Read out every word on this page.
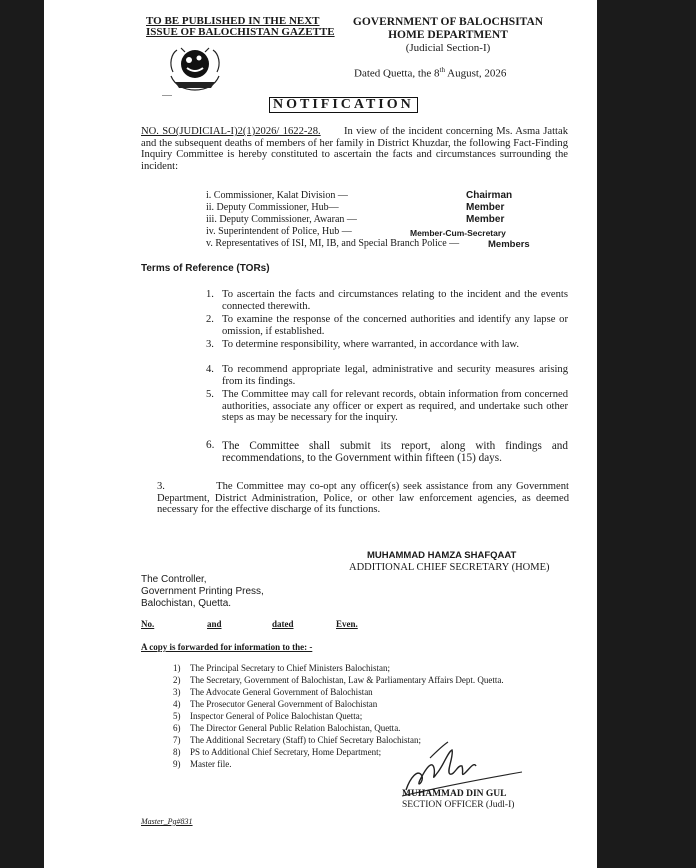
TO BE PUBLISHED IN THE NEXT
ISSUE OF BALOCHISTAN GAZETTE
GOVERNMENT OF BALOCHSITAN
HOME DEPARTMENT
(Judicial Section-I)
Dated Quetta, the 8th August, 2026
NOTIFICATION
NO. SO(JUDICIAL-I)2(1)2026/ 1622-28. In view of the incident concerning Ms. Asma Jattak and the subsequent deaths of members of her family in District Khuzdar, the following Fact-Finding Inquiry Committee is hereby constituted to ascertain the facts and circumstances surrounding the incident:
i. Commissioner, Kalat Division —	Chairman
ii. Deputy Commissioner, Hub—	Member
iii. Deputy Commissioner, Awaran —	Member
iv. Superintendent of Police, Hub —	Member-Cum-Secretary
v. Representatives of ISI, MI, IB, and Special Branch Police —	Members
Terms of Reference (TORs)
1. To ascertain the facts and circumstances relating to the incident and the events connected therewith.
2. To examine the response of the concerned authorities and identify any lapse or omission, if established.
3. To determine responsibility, where warranted, in accordance with law.
4. To recommend appropriate legal, administrative and security measures arising from its findings.
5. The Committee may call for relevant records, obtain information from concerned authorities, associate any officer or expert as required, and undertake such other steps as may be necessary for the inquiry.
6. The Committee shall submit its report, along with findings and recommendations, to the Government within fifteen (15) days.
3.	The Committee may co-opt any officer(s) seek assistance from any Government Department, District Administration, Police, or other law enforcement agencies, as deemed necessary for the effective discharge of its functions.
MUHAMMAD HAMZA SHAFQAAT
ADDITIONAL CHIEF SECRETARY (HOME)
The Controller,
Government Printing Press,
Balochistan, Quetta.
No.	and	dated	Even.
A copy is forwarded for information to the: -
1) The Principal Secretary to Chief Ministers Balochistan;
2) The Secretary, Government of Balochistan, Law & Parliamentary Affairs Dept. Quetta.
3) The Advocate General Government of Balochistan
4) The Prosecutor General Government of Balochistan
5) Inspector General of Police Balochistan Quetta;
6) The Director General Public Relation Balochistan, Quetta.
7) The Additional Secretary (Staff) to Chief Secretary Balochistan;
8) PS to Additional Chief Secretary, Home Department;
9) Master file.
MUHAMMAD DIN GUL
SECTION OFFICER (Judl-I)
Master_Pg#831
